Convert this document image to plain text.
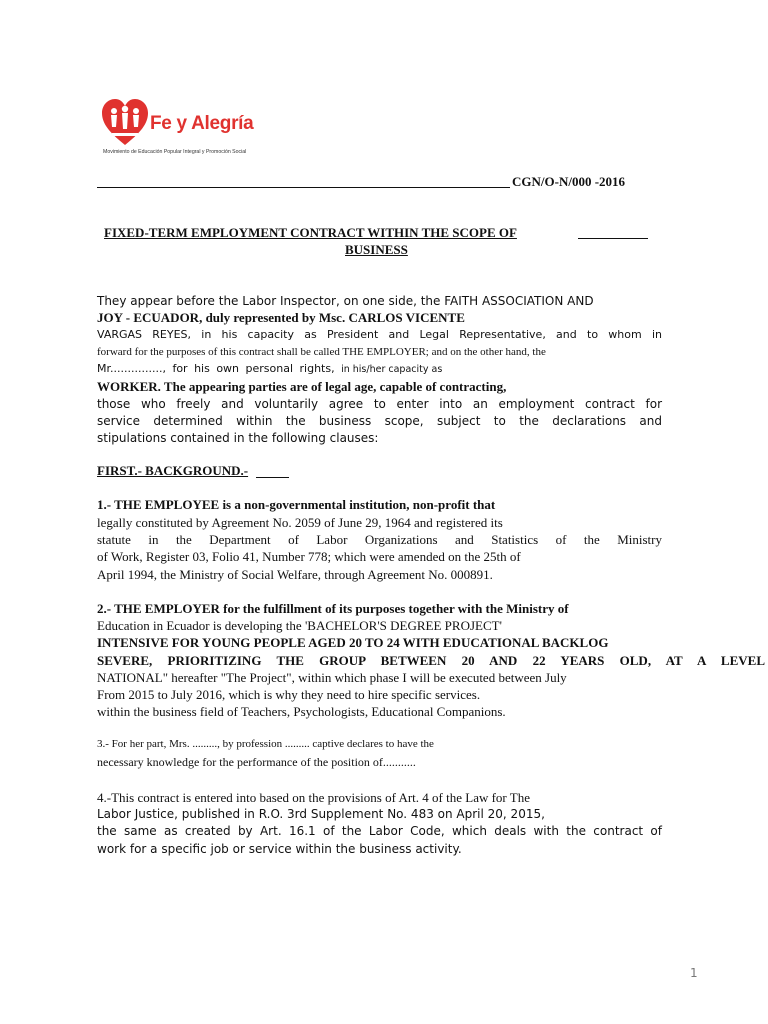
Fe y Alegría
Movimiento de Educación Popular Integral y Promoción Social
CGN/O-N/000 -2016
FIXED-TERM EMPLOYMENT CONTRACT WITHIN THE SCOPE OF
BUSINESS
They appear before the Labor Inspector, on one side, the FAITH ASSOCIATION AND
JOY - ECUADOR, duly represented by Msc. CARLOS VICENTE
VARGAS REYES, in his capacity as President and Legal Representative, and to whom in
forward for the purposes of this contract shall be called THE EMPLOYER; and on the other hand, the
Mr..............., for his own personal rights, in his/her capacity as
WORKER. The appearing parties are of legal age, capable of contracting,
those who freely and voluntarily agree to enter into an employment contract for
service determined within the business scope, subject to the declarations and
stipulations contained in the following clauses:
FIRST.- BACKGROUND.-
1.- THE EMPLOYEE is a non-governmental institution, non-profit that
legally constituted by Agreement No. 2059 of June 29, 1964 and registered its
statute in the Department of Labor Organizations and Statistics of the Ministry
of Work, Register 03, Folio 41, Number 778; which were amended on the 25th of
April 1994, the Ministry of Social Welfare, through Agreement No. 000891.
2.- THE EMPLOYER for the fulfillment of its purposes together with the Ministry of
Education in Ecuador is developing the 'BACHELOR'S DEGREE PROJECT'
INTENSIVE FOR YOUNG PEOPLE AGED 20 TO 24 WITH EDUCATIONAL BACKLOG
SEVERE, PRIORITIZING THE GROUP BETWEEN 20 AND 22 YEARS OLD, AT A LEVEL
NATIONAL" hereafter "The Project", within which phase I will be executed between July
From 2015 to July 2016, which is why they need to hire specific services.
within the business field of Teachers, Psychologists, Educational Companions.
3.- For her part, Mrs. ........., by profession ......... captive declares to have the
necessary knowledge for the performance of the position of...........
4.-This contract is entered into based on the provisions of Art. 4 of the Law for The
Labor Justice, published in R.O. 3rd Supplement No. 483 on April 20, 2015,
the same as created by Art. 16.1 of the Labor Code, which deals with the contract of
work for a specific job or service within the business activity.
1
